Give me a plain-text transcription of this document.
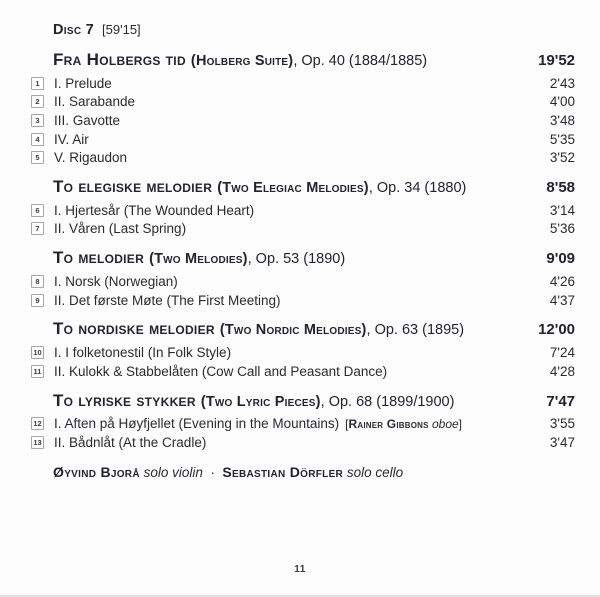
Disc 7 [59'15]
Fra Holbergs tid (Holberg Suite), Op. 40 (1884/1885)	19'52
1	I. Prelude	2'43
2	II. Sarabande	4'00
3	III. Gavotte	3'48
4	IV. Air	5'35
5	V. Rigaudon	3'52
To elegiske melodier (Two Elegiac Melodies), Op. 34 (1880)	8'58
6	I. Hjertesår (The Wounded Heart)	3'14
7	II. Våren (Last Spring)	5'36
To melodier (Two Melodies), Op. 53 (1890)	9'09
8	I. Norsk (Norwegian)	4'26
9	II. Det første Møte (The First Meeting)	4'37
To nordiske melodier (Two Nordic Melodies), Op. 63 (1895)	12'00
10 I. I folketonestil (In Folk Style)	7'24
11 II. Kulokk & Stabbelåten (Cow Call and Peasant Dance)	4'28
To lyriske stykker (Two Lyric Pieces), Op. 68 (1899/1900)	7'47
12 I. Aften på Høyfjellet (Evening in the Mountains) [Rainer Gibbons oboe]	3'55
13 II. Bådnlåt (At the Cradle)	3'47
Øyvind Bjorå solo violin · Sebastian Dörfler solo cello
11
